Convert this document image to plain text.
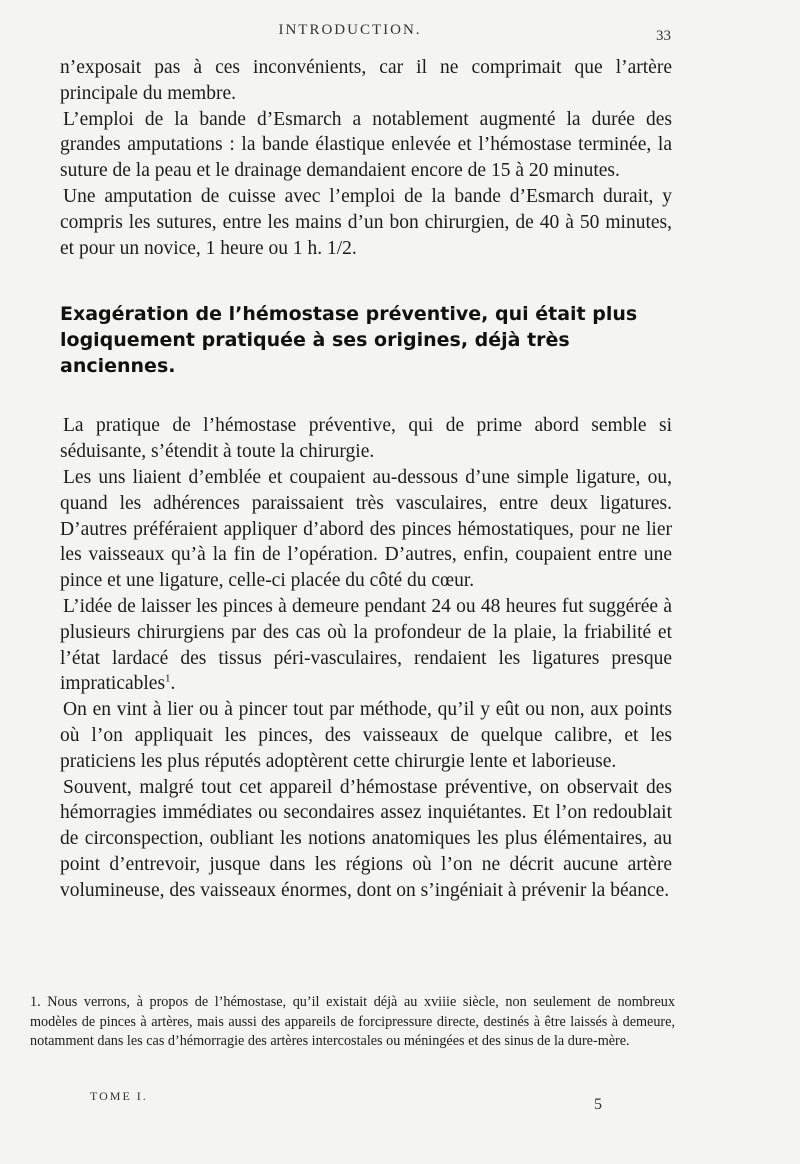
INTRODUCTION.	33

n’exposait pas à ces inconvénients, car il ne comprimait que l’artère principale du membre.

L’emploi de la bande d’Esmarch a notablement augmenté la durée des grandes amputations : la bande élastique enlevée et l’hémostase terminée, la suture de la peau et le drainage demandaient encore de 15 à 20 minutes.

Une amputation de cuisse avec l’emploi de la bande d’Esmarch durait, y compris les sutures, entre les mains d’un bon chirurgien, de 40 à 50 minutes, et pour un novice, 1 heure ou 1 h. 1/2.

Exagération de l’hémostase préventive, qui était plus logiquement pratiquée à ses origines, déjà très anciennes.

La pratique de l’hémostase préventive, qui de prime abord semble si séduisante, s’étendit à toute la chirurgie.

Les uns liaient d’emblée et coupaient au-dessous d’une simple ligature, ou, quand les adhérences paraissaient très vasculaires, entre deux ligatures. D’autres préféraient appliquer d’abord des pinces hémostatiques, pour ne lier les vaisseaux qu’à la fin de l’opération. D’autres, enfin, coupaient entre une pince et une ligature, celle-ci placée du côté du cœur.

L’idée de laisser les pinces à demeure pendant 24 ou 48 heures fut suggérée à plusieurs chirurgiens par des cas où la profondeur de la plaie, la friabilité et l’état lardacé des tissus péri-vasculaires, rendaient les ligatures presque impraticables$^1$.

On en vint à lier ou à pincer tout par méthode, qu’il y eût ou non, aux points où l’on appliquait les pinces, des vaisseaux de quelque calibre, et les praticiens les plus réputés adoptèrent cette chirurgie lente et laborieuse.

Souvent, malgré tout cet appareil d’hémostase préventive, on observait des hémorragies immédiates ou secondaires assez inquiétantes. Et l’on redoublait de circonspection, oubliant les notions anatomiques les plus élémentaires, au point d’entrevoir, jusque dans les régions où l’on ne décrit aucune artère volumineuse, des vaisseaux énormes, dont on s’ingéniait à prévenir la béance.

1. Nous verrons, à propos de l’hémostase, qu’il existait déjà au xviiie siècle, non seulement de nombreux modèles de pinces à artères, mais aussi des appareils de forcipressure directe, destinés à être laissés à demeure, notamment dans les cas d’hémorragie des artères intercostales ou méningées et des sinus de la dure-mère.

TOME I.	5
